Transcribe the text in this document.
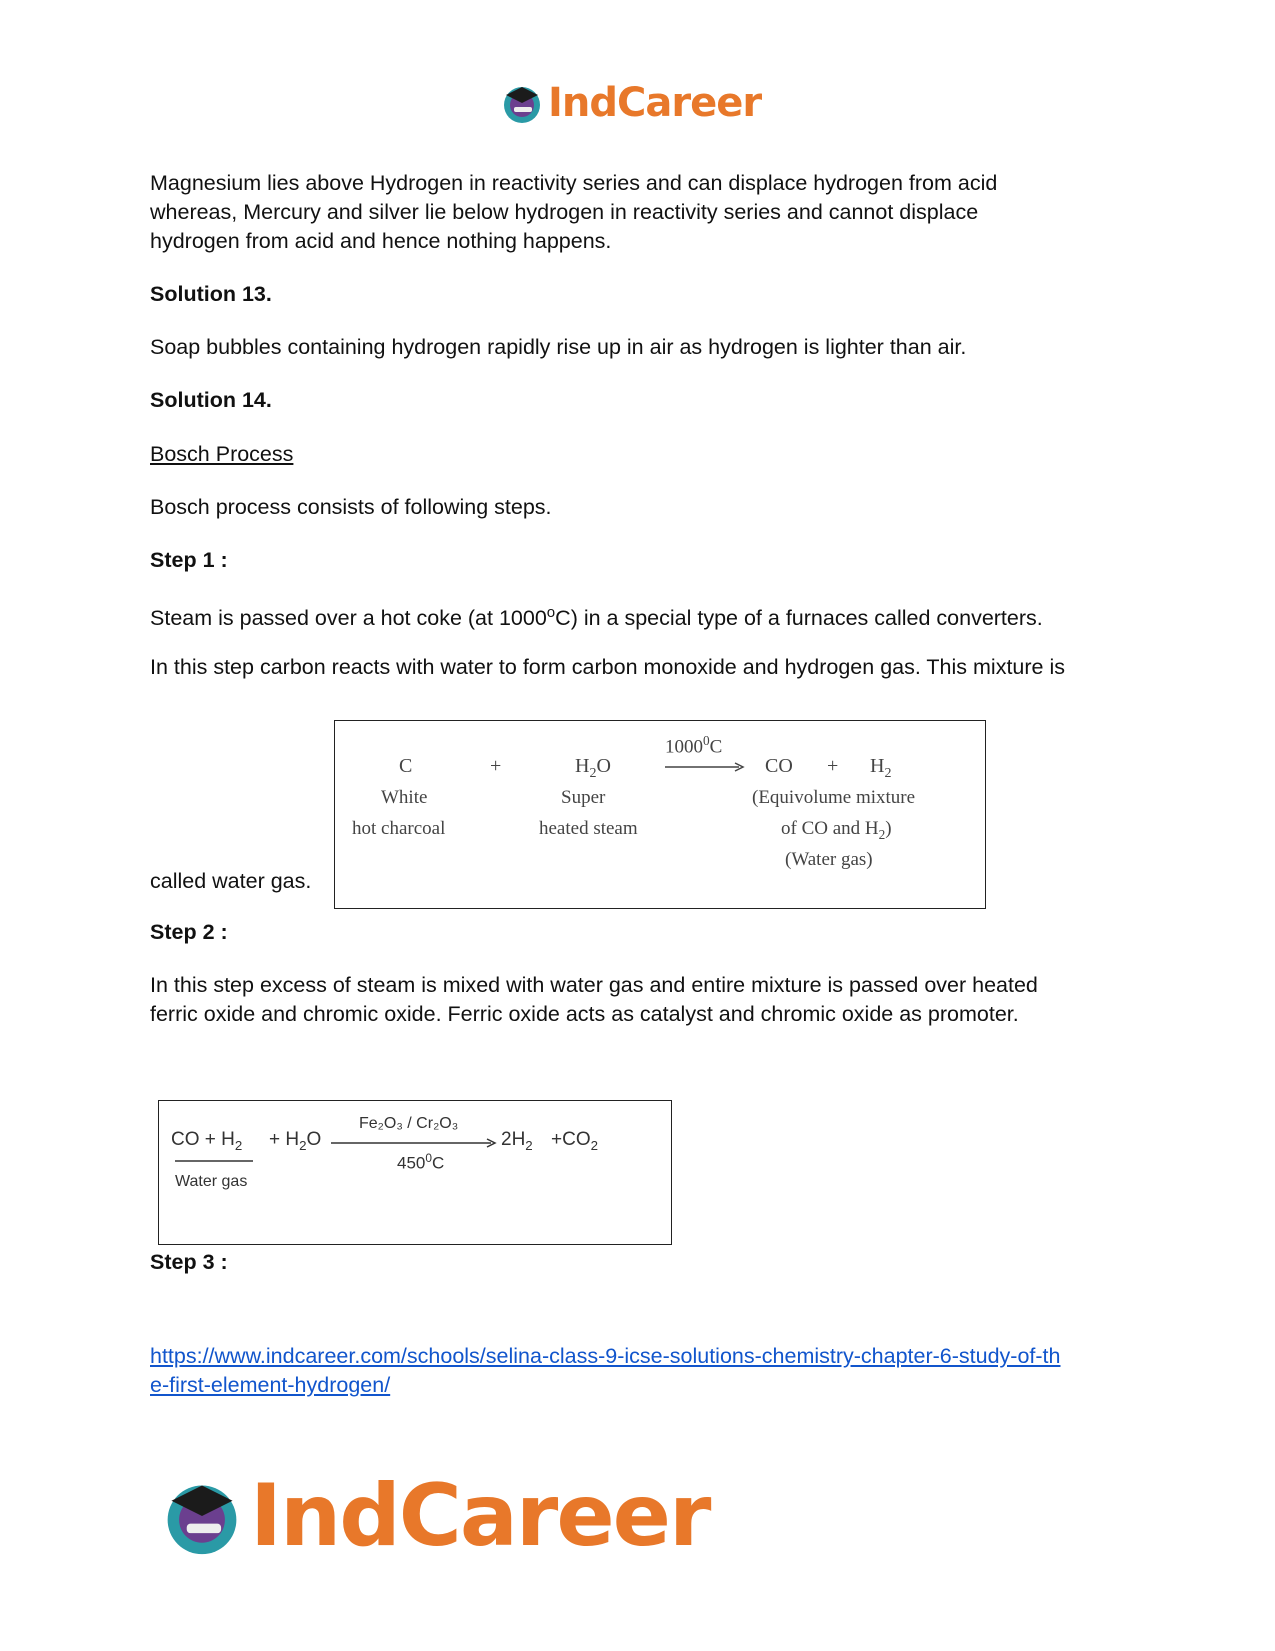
IndCareer
Magnesium lies above Hydrogen in reactivity series and can displace hydrogen from acid
whereas, Mercury and silver lie below hydrogen in reactivity series and cannot displace
hydrogen from acid and hence nothing happens.
Solution 13.
Soap bubbles containing hydrogen rapidly rise up in air as hydrogen is lighter than air.
Solution 14.
Bosch Process
Bosch process consists of following steps.
Step 1 :
Steam is passed over a hot coke (at 1000$^o$C) in a special type of a furnaces called converters.
In this step carbon reacts with water to form carbon monoxide and hydrogen gas. This mixture is
called water gas.
Step 2 :
In this step excess of steam is mixed with water gas and entire mixture is passed over heated
ferric oxide and chromic oxide. Ferric oxide acts as catalyst and chromic oxide as promoter.
Step 3 :
https://www.indcareer.com/schools/selina-class-9-icse-solutions-chemistry-chapter-6-study-of-th
e-first-element-hydrogen/
C	+	$H_2O$
1000$^0$C
CO + $H_2$
White
hot charcoal
Super
heated steam
(Equivolume mixture
of CO and $H_2$)
(Water gas)
CO + $H_2$
Water gas
+ $H_2O$
Fe₂O₃ / Cr₂O₃
$450^0C$
$2H_2 +CO_2$
IndCareer
